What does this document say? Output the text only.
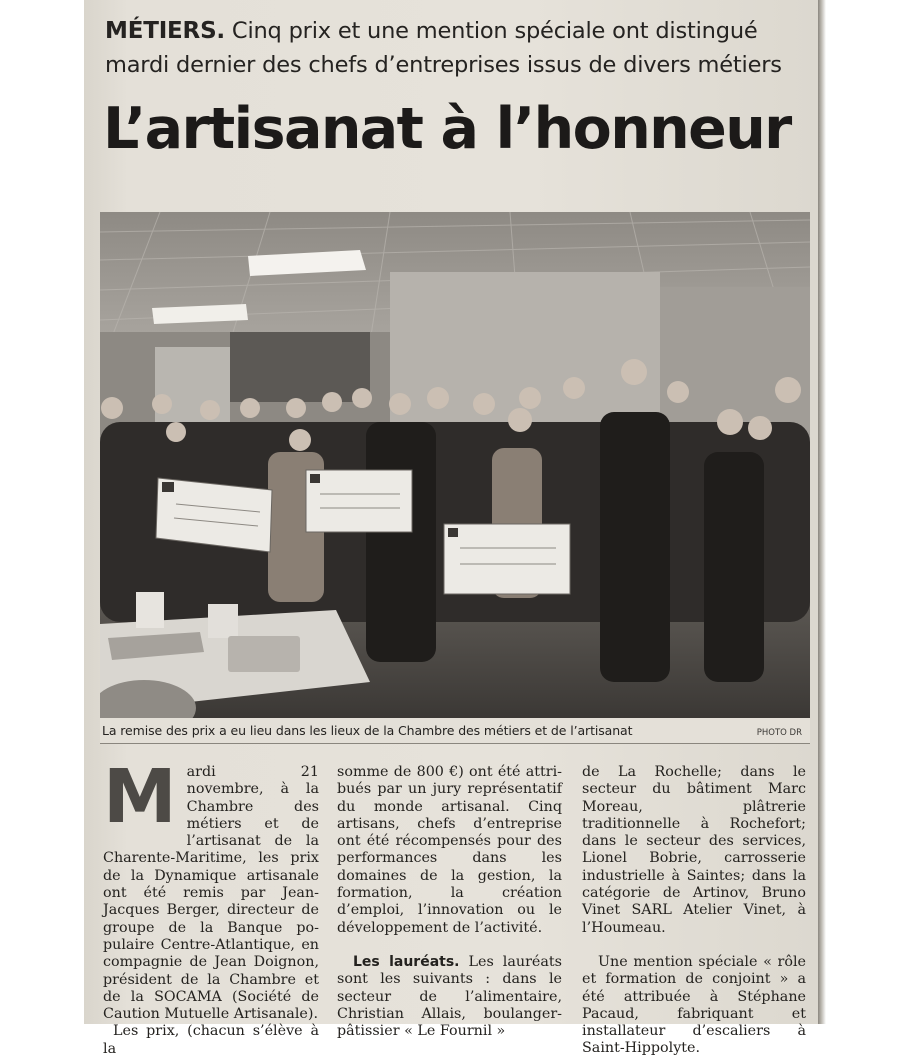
MÉTIERS. Cinq prix et une mention spéciale ont distingué mardi dernier des chefs d’entreprises issus de divers métiers
L’artisanat à l’honneur
La remise des prix a eu lieu dans les lieux de la Chambre des métiers et de l’artisanat	PHOTO DR
M ardi 21 novembre, à la Chambre des métiers et de l’artisanat de la Charente-Maritime, les prix de la Dynamique artisanale ont été remis par Jean-Jacques Berger, directeur de groupe de la Banque populaire Centre-Atlantique, en compagnie de Jean Doignon, président de la Chambre et de la SOCAMA (Société de Caution Mutuelle Artisanale).

Les prix, (chacun s’élève à la

somme de 800 €) ont été attribués par un jury représentatif du monde artisanal. Cinq artisans, chefs d’entreprise ont été récompensés pour des performances dans les domaines de la gestion, la formation, la création d’emploi, l’innovation ou le développement de l’activité.

Les lauréats. Les lauréats sont les suivants : dans le secteur de l’alimentaire, Christian Allais, boulanger-pâtissier « Le Fournil »

de La Rochelle; dans le secteur du bâtiment Marc Moreau, plâtrerie traditionnelle à Rochefort; dans le secteur des services, Lionel Bobrie, carrosserie industrielle à Saintes; dans la catégorie de Artinov, Bruno Vinet SARL Atelier Vinet, à l’Houmeau.

Une mention spéciale « rôle et formation de conjoint » a été attribuée à Stéphane Pacaud, fabriquant et installateur d’escaliers à Saint-Hippolyte.
